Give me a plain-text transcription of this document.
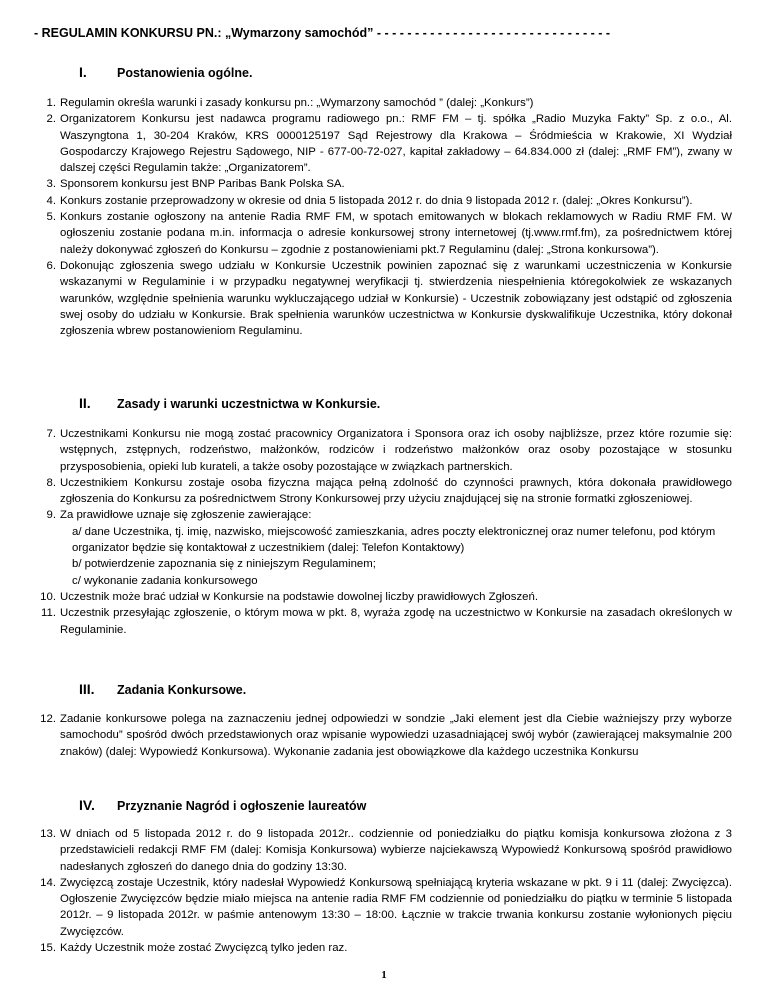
- REGULAMIN KONKURSU PN.: „Wymarzony samochód” - - - - - - - - - - - - - - - - - - - - - - - - - - - - - - -
I. Postanowienia ogólne.
1. Regulamin określa warunki i zasady konkursu pn.: „Wymarzony samochód ” (dalej: „Konkurs”)
2. Organizatorem Konkursu jest nadawca programu radiowego pn.: RMF FM – tj. spółka „Radio Muzyka Fakty” Sp. z o.o., Al. Waszyngtona 1, 30-204 Kraków, KRS 0000125197 Sąd Rejestrowy dla Krakowa – Śródmieścia w Krakowie, XI Wydział Gospodarczy Krajowego Rejestru Sądowego, NIP - 677-00-72-027, kapitał zakładowy – 64.834.000 zł (dalej: „RMF FM”), zwany w dalszej części Regulamin także: „Organizatorem”.
3. Sponsorem konkursu jest BNP Paribas Bank Polska SA.
4. Konkurs zostanie przeprowadzony w okresie od dnia 5 listopada 2012 r. do dnia 9 listopada 2012 r. (dalej: „Okres Konkursu”).
5. Konkurs zostanie ogłoszony na antenie Radia RMF FM, w spotach emitowanych w blokach reklamowych w Radiu RMF FM. W ogłoszeniu zostanie podana m.in. informacja o adresie konkursowej strony internetowej (tj.www.rmf.fm), za pośrednictwem której należy dokonywać zgłoszeń do Konkursu – zgodnie z postanowieniami pkt.7 Regulaminu (dalej: „Strona konkursowa”).
6. Dokonując zgłoszenia swego udziału w Konkursie Uczestnik powinien zapoznać się z warunkami uczestniczenia w Konkursie wskazanymi w Regulaminie i w przypadku negatywnej weryfikacji tj. stwierdzenia niespełnienia któregokolwiek ze wskazanych warunków, względnie spełnienia warunku wykluczającego udział w Konkursie) - Uczestnik zobowiązany jest odstąpić od zgłoszenia swej osoby do udziału w Konkursie. Brak spełnienia warunków uczestnictwa w Konkursie dyskwalifikuje Uczestnika, który dokonał zgłoszenia wbrew postanowieniom Regulaminu.
II. Zasady i warunki uczestnictwa w Konkursie.
7. Uczestnikami Konkursu nie mogą zostać pracownicy Organizatora i Sponsora oraz ich osoby najbliższe, przez które rozumie się: wstępnych, zstępnych, rodzeństwo, małżonków, rodziców i rodzeństwo małżonków oraz osoby pozostające w stosunku przysposobienia, opieki lub kurateli, a także osoby pozostające w związkach partnerskich.
8. Uczestnikiem Konkursu zostaje osoba fizyczna mająca pełną zdolność do czynności prawnych, która dokonała prawidłowego zgłoszenia do Konkursu za pośrednictwem Strony Konkursowej przy użyciu znajdującej się na stronie formatki zgłoszeniowej.
9. Za prawidłowe uznaje się zgłoszenie zawierające:
a/ dane Uczestnika, tj. imię, nazwisko, miejscowość zamieszkania, adres poczty elektronicznej oraz numer telefonu, pod którym organizator będzie się kontaktował z uczestnikiem (dalej: Telefon Kontaktowy)
b/ potwierdzenie zapoznania się z niniejszym Regulaminem;
c/ wykonanie zadania konkursowego
10. Uczestnik może brać udział w Konkursie na podstawie dowolnej liczby prawidłowych Zgłoszeń.
11. Uczestnik przesyłając zgłoszenie, o którym mowa w pkt. 8, wyraża zgodę na uczestnictwo w Konkursie na zasadach określonych w Regulaminie.
III. Zadania Konkursowe.
12. Zadanie konkursowe polega na zaznaczeniu jednej odpowiedzi w sondzie „Jaki element jest dla Ciebie ważniejszy przy wyborze samochodu” spośród dwóch przedstawionych oraz wpisanie wypowiedzi uzasadniającej swój wybór (zawierającej maksymalnie 200 znaków) (dalej: Wypowiedź Konkursowa). Wykonanie zadania jest obowiązkowe dla każdego uczestnika Konkursu
IV. Przyznanie Nagród i ogłoszenie laureatów
13. W dniach od 5 listopada 2012 r. do 9 listopada 2012r.. codziennie od poniedziałku do piątku komisja konkursowa złożona z 3 przedstawicieli redakcji RMF FM (dalej: Komisja Konkursowa) wybierze najciekawszą Wypowiedź Konkursową spośród prawidłowo nadesłanych zgłoszeń do danego dnia do godziny 13:30.
14. Zwycięzcą zostaje Uczestnik, który nadesłał Wypowiedź Konkursową spełniającą kryteria wskazane w pkt. 9 i 11 (dalej: Zwycięzca). Ogłoszenie Zwycięzców będzie miało miejsca na antenie radia RMF FM codziennie od poniedziałku do piątku w terminie 5 listopada 2012r. – 9 listopada 2012r. w paśmie antenowym 13:30 – 18:00. Łącznie w trakcie trwania konkursu zostanie wyłonionych pięciu Zwycięzców.
15. Każdy Uczestnik może zostać Zwycięzcą tylko jeden raz.
1
